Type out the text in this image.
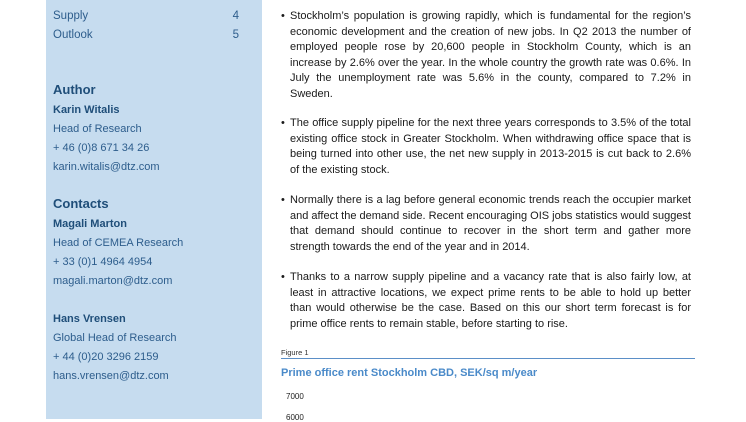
Supply	4
Outlook	5
Author
Karin Witalis
Head of Research
+ 46 (0)8 671 34 26
karin.witalis@dtz.com
Contacts
Magali Marton
Head of CEMEA Research
+ 33 (0)1 4964 4954
magali.marton@dtz.com
Hans Vrensen
Global Head of Research
+ 44 (0)20 3296 2159
hans.vrensen@dtz.com
• Stockholm’s population is growing rapidly, which is fundamental for the region’s economic development and the creation of new jobs. In Q2 2013 the number of employed people rose by 20,600 people in Stockholm County, which is an increase by 2.6% over the year. In the whole country the growth rate was 0.6%. In July the unemployment rate was 5.6% in the county, compared to 7.2% in Sweden.
• The office supply pipeline for the next three years corresponds to 3.5% of the total existing office stock in Greater Stockholm. When withdrawing office space that is being turned into other use, the net new supply in 2013-2015 is cut back to 2.6% of the existing stock.
• Normally there is a lag before general economic trends reach the occupier market and affect the demand side. Recent encouraging OIS jobs statistics would suggest that demand should continue to recover in the short term and gather more strength towards the end of the year and in 2014.
• Thanks to a narrow supply pipeline and a vacancy rate that is also fairly low, at least in attractive locations, we expect prime rents to be able to hold up better than would otherwise be the case. Based on this our short term forecast is for prime office rents to remain stable, before starting to rise.
Figure 1
Prime office rent Stockholm CBD, SEK/sq m/year
7000
6000
